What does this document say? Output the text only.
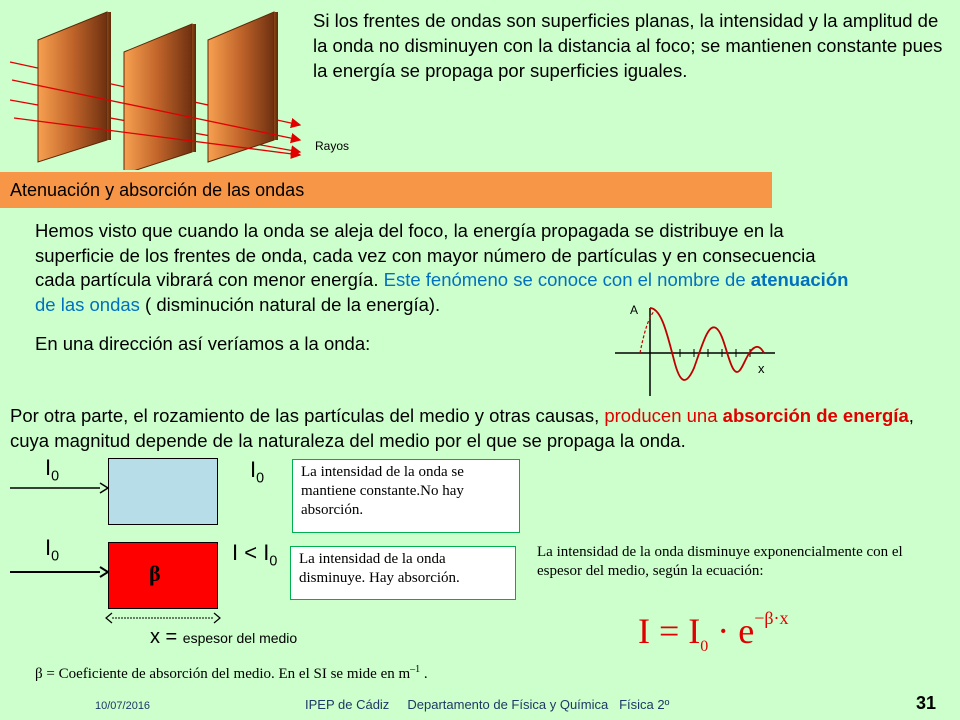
Si los frentes de ondas son superficies planas, la intensidad y la amplitud de la onda no disminuyen con la distancia al foco; se mantienen constante pues la energía se propaga por superficies iguales.
Rayos
Atenuación y absorción de las ondas
Hemos visto que cuando la onda se aleja del foco, la energía propagada se distribuye en la superficie de los frentes de onda, cada vez con mayor número de partículas y en consecuencia cada partícula vibrará con menor energía. Este fenómeno se conoce con el nombre de atenuación de las ondas ( disminución natural de la energía).
En una dirección así veríamos a la onda:
A
x
Por otra parte, el rozamiento de las partículas del medio y otras causas, producen una absorción de energía, cuya magnitud depende de la naturaleza del medio por el que se propaga la onda.
$I_0$	$I_0$	La intensidad de la onda se mantiene constante.No hay absorción.
$I_0$
β
$I < I_0$	La intensidad de la onda disminuye. Hay absorción.
x = espesor del medio
La intensidad de la onda disminuye exponencialmente con el espesor del medio, según la ecuación:
$I = I_0 \cdot e^{-\beta\cdot x}$
β = Coeficiente de absorción del medio. En el SI se mide en $m^{-1}$ .
10/07/2016	IPEP de Cádiz     Departamento de Física y Química   Física 2º	31
